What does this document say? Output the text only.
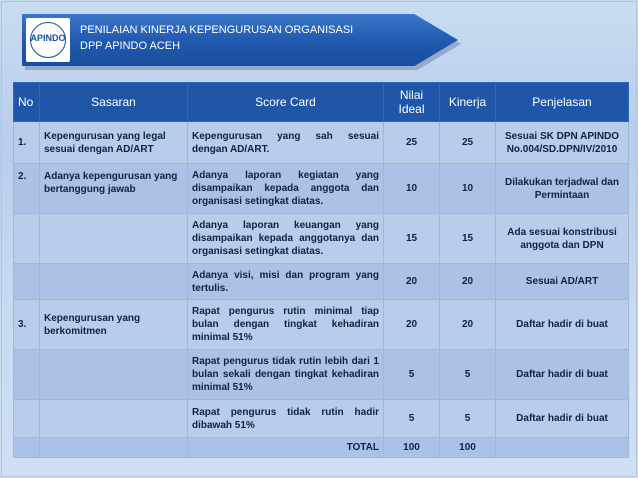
APINDO
PENILAIAN KINERJA KEPENGURUSAN ORGANISASI
DPP APINDO ACEH
No	Sasaran	Score Card	Nilai Ideal	Kinerja	Penjelasan
1.	Kepengurusan yang legal sesuai dengan AD/ART	Kepengurusan yang sah sesuai dengan AD/ART.	25	25	Sesuai SK DPN APINDO No.004/SD.DPN/IV/2010
2.	Adanya kepengurusan yang bertanggung jawab	Adanya laporan kegiatan yang disampaikan kepada anggota dan organisasi setingkat diatas.	10	10	Dilakukan terjadwal dan Permintaan
		Adanya laporan keuangan yang disampaikan kepada anggotanya dan organisasi setingkat diatas.	15	15	Ada sesuai konstribusi anggota dan DPN
		Adanya visi, misi dan program yang tertulis.	20	20	Sesuai AD/ART
3.	Kepengurusan yang berkomitmen	Rapat pengurus rutin minimal tiap bulan dengan tingkat kehadiran minimal 51%	20	20	Daftar hadir di buat
		Rapat pengurus tidak rutin lebih dari 1 bulan sekali dengan tingkat kehadiran minimal 51%	5	5	Daftar hadir di buat
		Rapat pengurus tidak rutin hadir dibawah 51%	5	5	Daftar hadir di buat
		TOTAL	100	100	
